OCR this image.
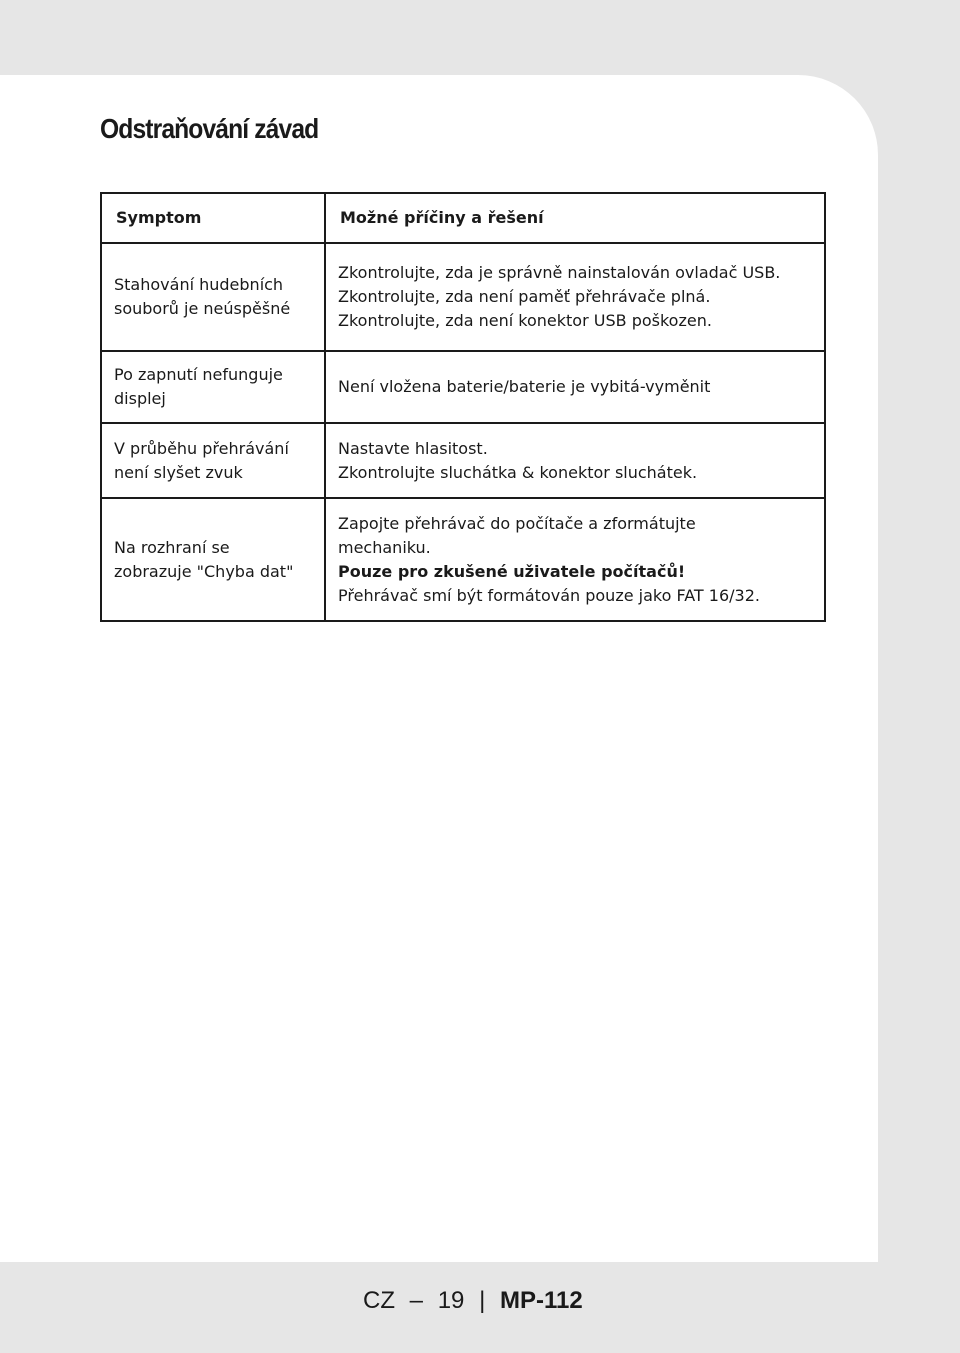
Odstraňování závad
Symptom	Možné příčiny a řešení

Stahování hudebních
souborů je neúspěšné	Zkontrolujte, zda je správně nainstalován ovladač USB.
Zkontrolujte, zda není paměť přehrávače plná.
Zkontrolujte, zda není konektor USB poškozen.

Po zapnutí nefunguje
displej	Není vložena baterie/baterie je vybitá-vyměnit

V průběhu přehrávání
není slyšet zvuk	Nastavte hlasitost.
Zkontrolujte sluchátka & konektor sluchátek.

Na rozhraní se
zobrazuje "Chyba dat"	Zapojte přehrávač do počítače a zformátujte
mechaniku.
Pouze pro zkušené uživatele počítačů!
Přehrávač smí být formátován pouze jako FAT 16/32.
CZ – 19 | MP-112
